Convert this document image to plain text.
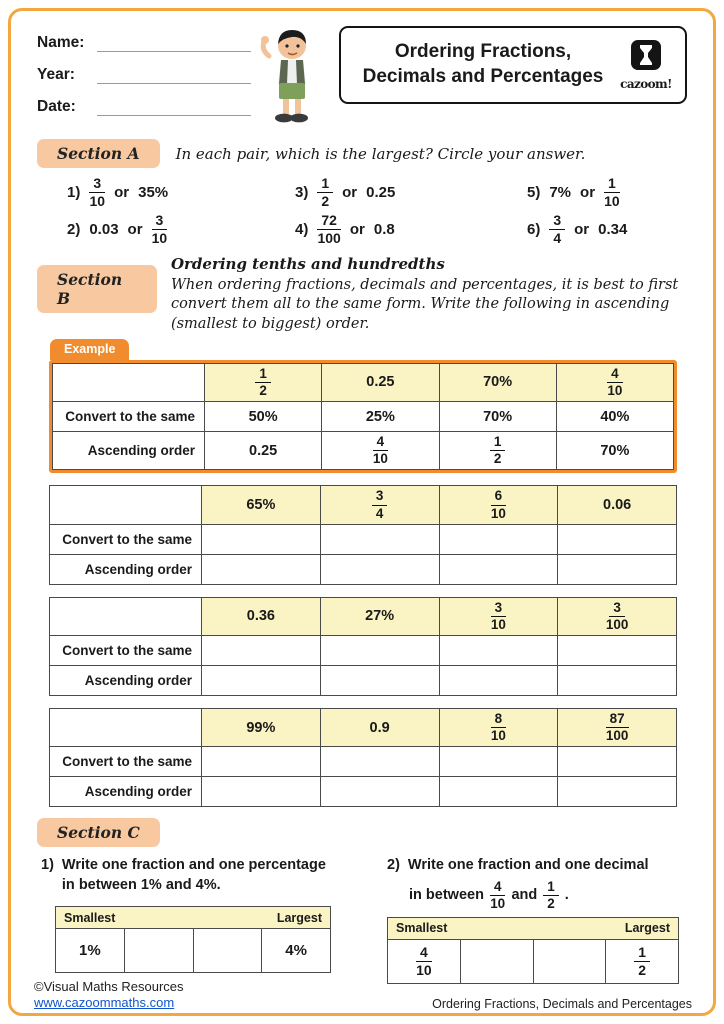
Name:
Year:
Date:
Ordering Fractions,
Decimals and Percentages	cazoom!
Section A	In each pair, which is the largest? Circle your answer.
$1) \frac{3}{10}$ or 35%	$3) \frac{1}{2}$ or 0.25	5) 7% or $\frac{1}{10}$
2) 0.03 or $\frac{3}{10}$	$4) \frac{72}{100}$ or 0.8	$6) \frac{3}{4}$ or 0.34
Section B
Ordering tenths and hundredths
When ordering fractions, decimals and percentages, it is best to first convert them all to the same form. Write the following in ascending (smallest to biggest) order.
Example

	$\frac{1}{2}$	0.25	70%	$\frac{4}{10}$

Convert to the same	50%	25%	70%	40%
Ascending order	0.25	$\frac{4}{10}$	$\frac{1}{2}$	70%
	65%	$\frac{3}{4}$	$\frac{6}{10}$	0.06
Convert to the same				
Ascending order				
	0.36	27%	$\frac{3}{10}$	$\frac{3}{100}$

Convert to the same				
Ascending order				
	99%	0.9	$\frac{8}{10}$	$\frac{87}{100}$

Convert to the same				
Ascending order				
Section C
1) Write one fraction and one percentage in between 1% and 4%.
Smallest	Largest

1%			4%
2) Write one fraction and one decimal
in between $\frac{4}{10}$ and $\frac{1}{2}$ .
Smallest	Largest

$\frac{4}{10}$			$\frac{1}{2}$
©Visual Maths Resources
www.cazoommaths.com	Ordering Fractions, Decimals and Percentages
